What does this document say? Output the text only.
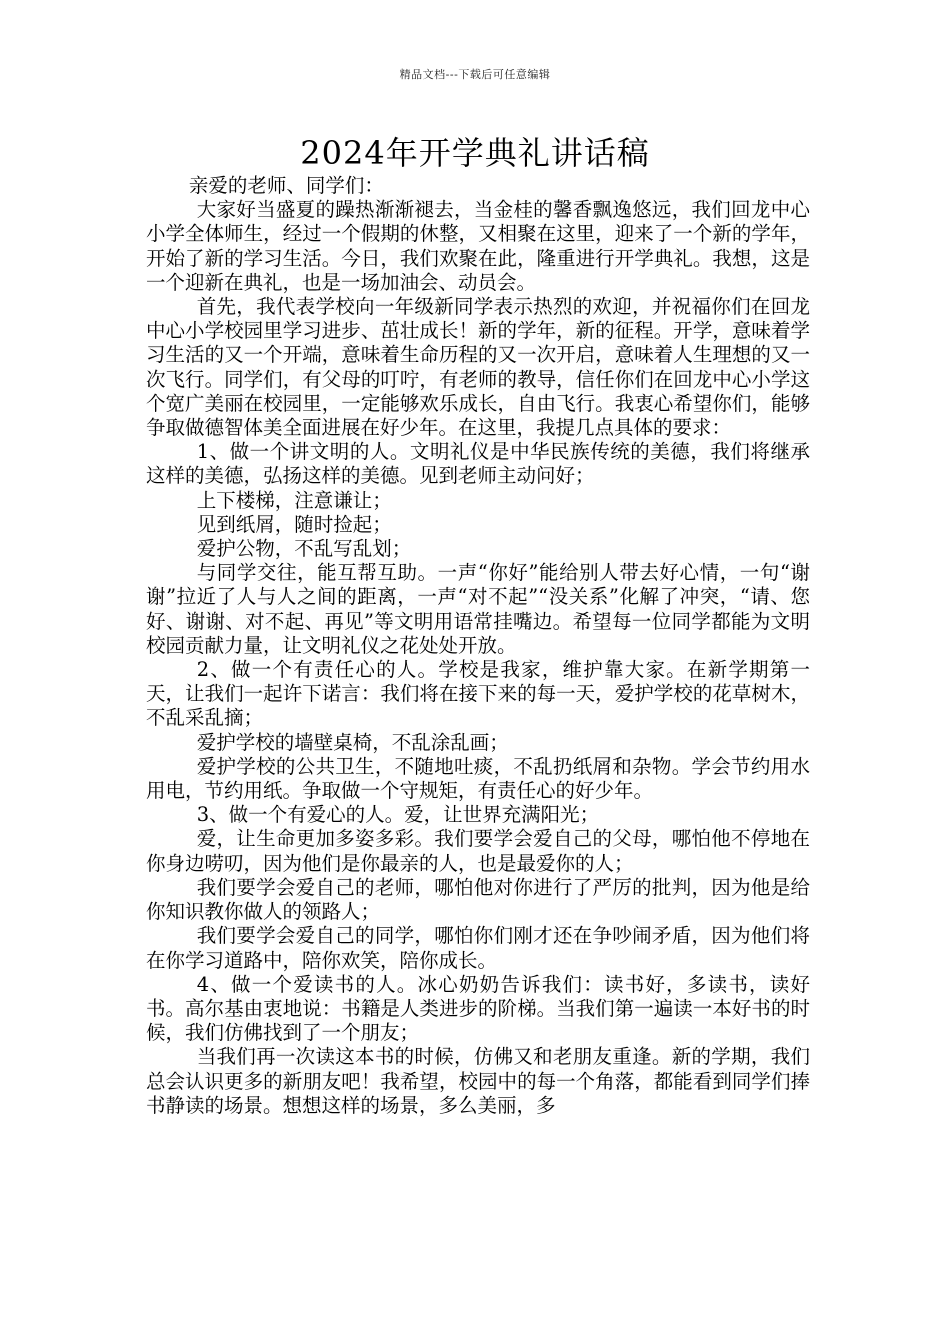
精品文档---下载后可任意编辑
2024年开学典礼讲话稿

亲爱的老师、同学们：

大家好当盛夏的躁热渐渐褪去，当金桂的馨香飘逸悠远，我们回龙中心小学全体师生，经过一个假期的休整，又相聚在这里，迎来了一个新的学年，开始了新的学习生活。今日，我们欢聚在此，隆重进行开学典礼。我想，这是一个迎新在典礼，也是一场加油会、动员会。

首先，我代表学校向一年级新同学表示热烈的欢迎，并祝福你们在回龙中心小学校园里学习进步、茁壮成长！新的学年，新的征程。开学，意味着学习生活的又一个开端，意味着生命历程的又一次开启，意味着人生理想的又一次飞行。同学们，有父母的叮咛，有老师的教导，信任你们在回龙中心小学这个宽广美丽在校园里，一定能够欢乐成长，自由飞行。我衷心希望你们，能够争取做德智体美全面进展在好少年。在这里，我提几点具体的要求：

1、做一个讲文明的人。文明礼仪是中华民族传统的美德，我们将继承这样的美德，弘扬这样的美德。见到老师主动问好；

上下楼梯，注意谦让；

见到纸屑，随时捡起；

爱护公物，不乱写乱划；

与同学交往，能互帮互助。一声“你好”能给别人带去好心情，一句“谢谢”拉近了人与人之间的距离，一声“对不起”“没关系”化解了冲突，“请、您好、谢谢、对不起、再见”等文明用语常挂嘴边。希望每一位同学都能为文明校园贡献力量，让文明礼仪之花处处开放。

2、做一个有责任心的人。学校是我家，维护靠大家。在新学期第一天，让我们一起许下诺言：我们将在接下来的每一天，爱护学校的花草树木，不乱采乱摘；

爱护学校的墙壁桌椅，不乱涂乱画；

爱护学校的公共卫生，不随地吐痰，不乱扔纸屑和杂物。学会节约用水用电，节约用纸。争取做一个守规矩，有责任心的好少年。

3、做一个有爱心的人。爱，让世界充满阳光；

爱，让生命更加多姿多彩。我们要学会爱自己的父母，哪怕他不停地在你身边唠叨，因为他们是你最亲的人，也是最爱你的人；

我们要学会爱自己的老师，哪怕他对你进行了严厉的批判，因为他是给你知识教你做人的领路人；

我们要学会爱自己的同学，哪怕你们刚才还在争吵闹矛盾，因为他们将在你学习道路中，陪你欢笑，陪你成长。

4、做一个爱读书的人。冰心奶奶告诉我们：读书好，多读书，读好书。高尔基由衷地说：书籍是人类进步的阶梯。当我们第一遍读一本好书的时候，我们仿佛找到了一个朋友；

当我们再一次读这本书的时候，仿佛又和老朋友重逢。新的学期，我们总会认识更多的新朋友吧！我希望，校园中的每一个角落，都能看到同学们捧书静读的场景。想想这样的场景，多么美丽，多
